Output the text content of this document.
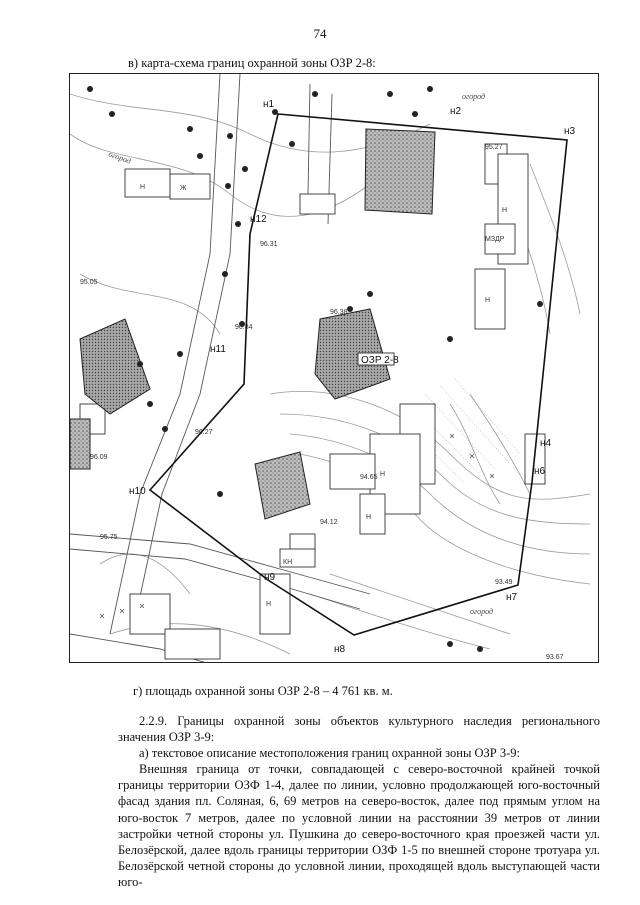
74
в) карта-схема границ охранной зоны ОЗР 2-8:
огород
огород
огород
н1
н2
н3
н4
н6
н7
н8
н9
н10
н11
н12
ОЗР 2-8
Н	Ж
Н
Н
Н
Н
Н
МЗДР
КН
95.05
96.84
96.38
94.65
93.67
95.27
93.49
96.31
96.09
95.75
94.12
96.27
г) площадь охранной зоны ОЗР 2-8 – 4 761 кв. м.
2.2.9. Границы охранной зоны объектов культурного наследия регионального значения ОЗР 3-9:
а) текстовое описание местоположения границ охранной зоны ОЗР 3-9:
Внешняя граница от точки, совпадающей с северо-восточной крайней точкой границы территории ОЗФ 1-4, далее по линии, условно продолжающей юго-восточный фасад здания пл. Соляная, 6, 69 метров на северо-восток, далее под прямым углом на юго-восток 7 метров, далее по условной линии на расстоянии 39 метров от линии застройки четной стороны ул. Пушкина до северо-восточного края проезжей части ул. Белозёрской, далее вдоль границы территории ОЗФ 1-5 по внешней стороне тротуара ул. Белозёрской четной стороны до условной линии, проходящей вдоль выступающей части юго-
